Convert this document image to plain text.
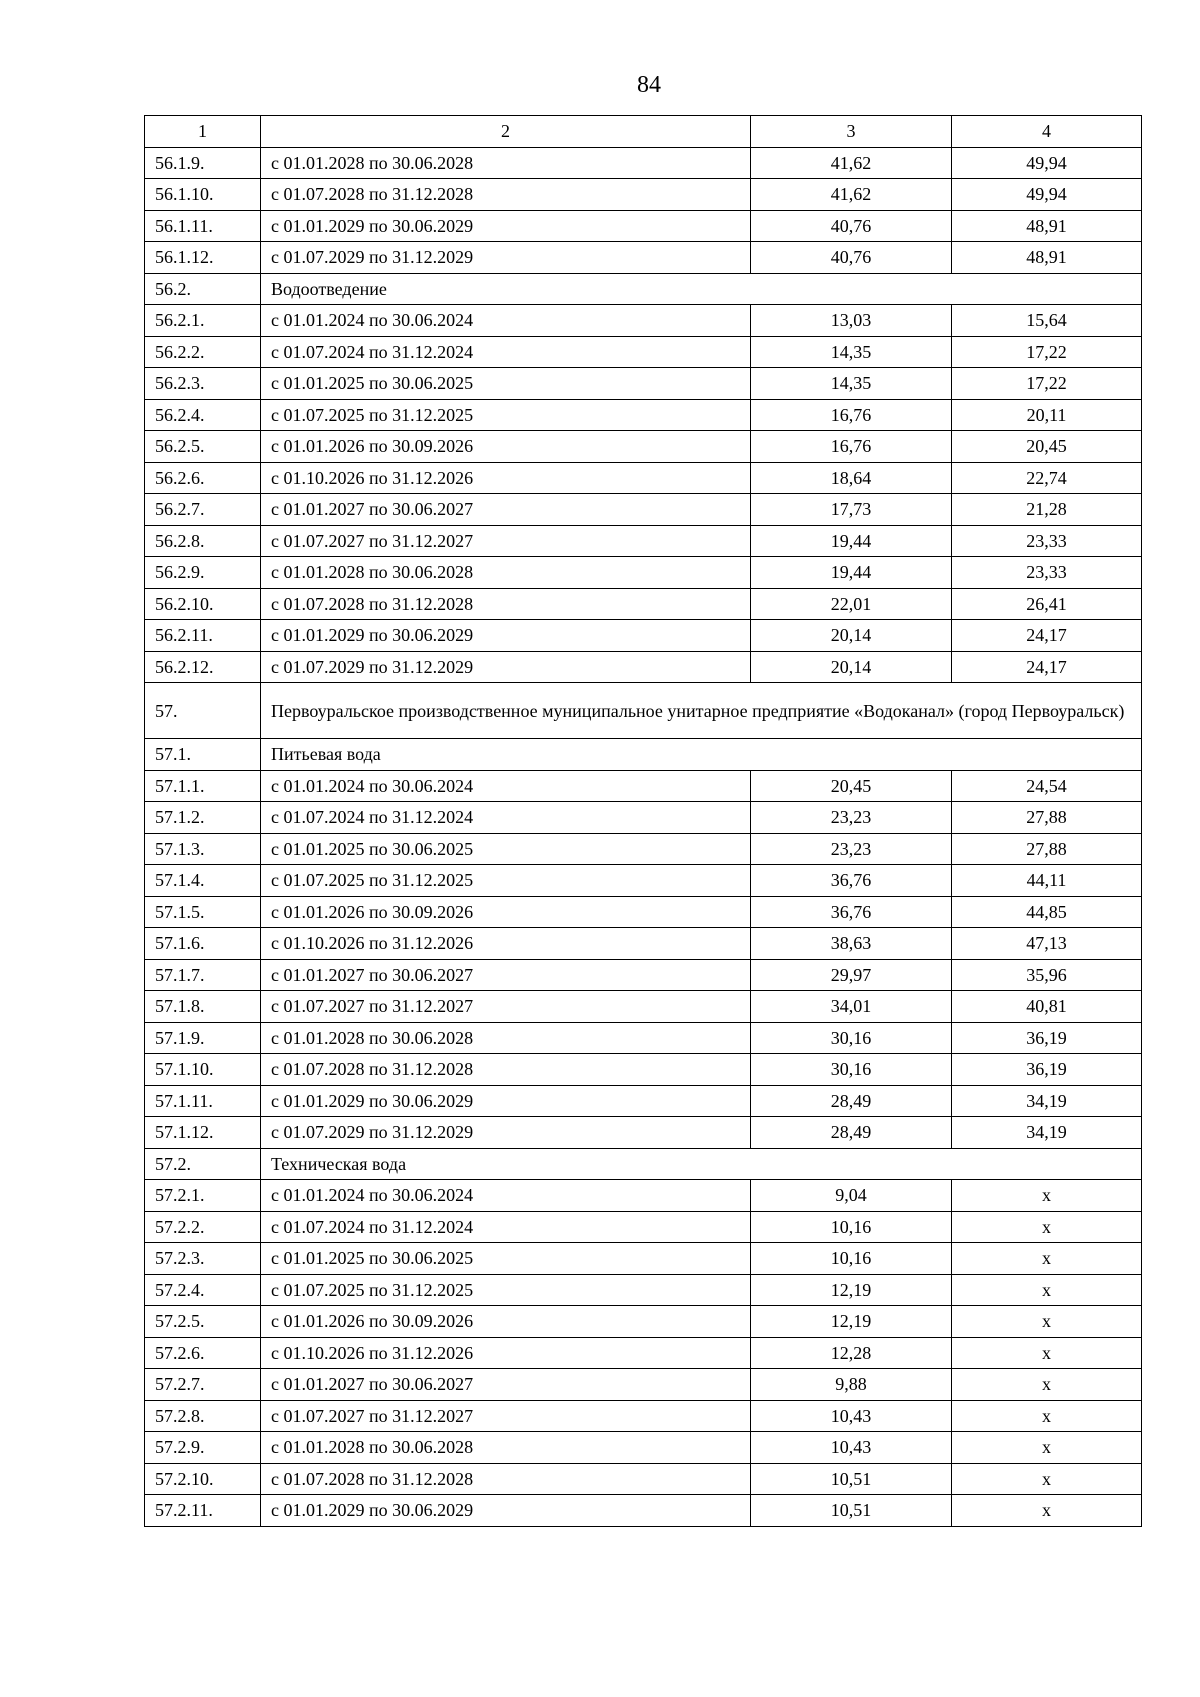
84
1	2	3	4
56.1.9.	с 01.01.2028 по 30.06.2028	41,62	49,94
56.1.10.	с 01.07.2028 по 31.12.2028	41,62	49,94
56.1.11.	с 01.01.2029 по 30.06.2029	40,76	48,91
56.1.12.	с 01.07.2029 по 31.12.2029	40,76	48,91
56.2.	Водоотведение		
56.2.1.	с 01.01.2024 по 30.06.2024	13,03	15,64
56.2.2.	с 01.07.2024 по 31.12.2024	14,35	17,22
56.2.3.	с 01.01.2025 по 30.06.2025	14,35	17,22
56.2.4.	с 01.07.2025 по 31.12.2025	16,76	20,11
56.2.5.	с 01.01.2026 по 30.09.2026	16,76	20,45
56.2.6.	с 01.10.2026 по 31.12.2026	18,64	22,74
56.2.7.	с 01.01.2027 по 30.06.2027	17,73	21,28
56.2.8.	с 01.07.2027 по 31.12.2027	19,44	23,33
56.2.9.	с 01.01.2028 по 30.06.2028	19,44	23,33
56.2.10.	с 01.07.2028 по 31.12.2028	22,01	26,41
56.2.11.	с 01.01.2029 по 30.06.2029	20,14	24,17
56.2.12.	с 01.07.2029 по 31.12.2029	20,14	24,17
57.	Первоуральское производственное муниципальное унитарное предприятие «Водоканал» (город Первоуральск)		
57.1.	Питьевая вода		
57.1.1.	с 01.01.2024 по 30.06.2024	20,45	24,54
57.1.2.	с 01.07.2024 по 31.12.2024	23,23	27,88
57.1.3.	с 01.01.2025 по 30.06.2025	23,23	27,88
57.1.4.	с 01.07.2025 по 31.12.2025	36,76	44,11
57.1.5.	с 01.01.2026 по 30.09.2026	36,76	44,85
57.1.6.	с 01.10.2026 по 31.12.2026	38,63	47,13
57.1.7.	с 01.01.2027 по 30.06.2027	29,97	35,96
57.1.8.	с 01.07.2027 по 31.12.2027	34,01	40,81
57.1.9.	с 01.01.2028 по 30.06.2028	30,16	36,19
57.1.10.	с 01.07.2028 по 31.12.2028	30,16	36,19
57.1.11.	с 01.01.2029 по 30.06.2029	28,49	34,19
57.1.12.	с 01.07.2029 по 31.12.2029	28,49	34,19
57.2.	Техническая вода		
57.2.1.	с 01.01.2024 по 30.06.2024	9,04	х
57.2.2.	с 01.07.2024 по 31.12.2024	10,16	х
57.2.3.	с 01.01.2025 по 30.06.2025	10,16	х
57.2.4.	с 01.07.2025 по 31.12.2025	12,19	х
57.2.5.	с 01.01.2026 по 30.09.2026	12,19	х
57.2.6.	с 01.10.2026 по 31.12.2026	12,28	х
57.2.7.	с 01.01.2027 по 30.06.2027	9,88	х
57.2.8.	с 01.07.2027 по 31.12.2027	10,43	х
57.2.9.	с 01.01.2028 по 30.06.2028	10,43	х
57.2.10.	с 01.07.2028 по 31.12.2028	10,51	х
57.2.11.	с 01.01.2029 по 30.06.2029	10,51	х
